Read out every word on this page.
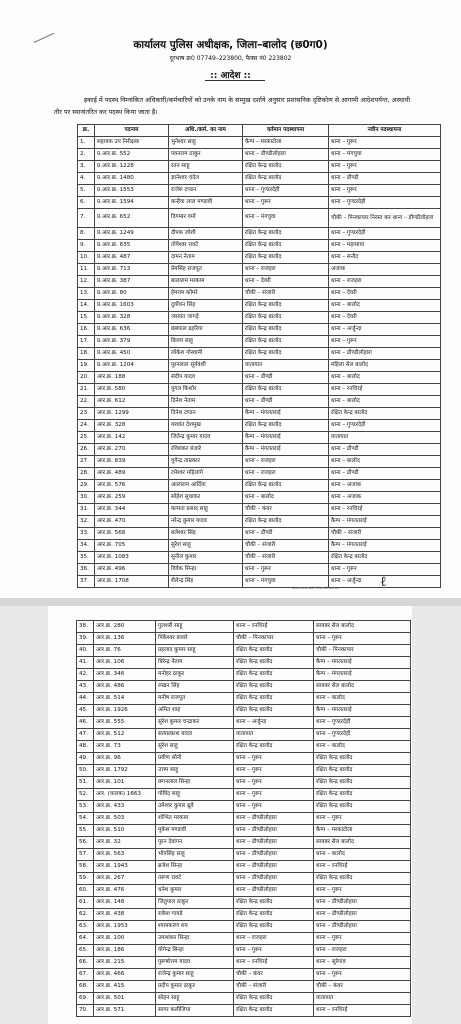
कार्यालय पुलिस अधीक्षक, जिला–बालोद (छ0ग0)
दूरभाष क्र0 07749–223800, फैक्स नं0 223802
:: आदेश ::
इकाई में पदस्थ निम्नांकित अधिकारी/कर्मचारियों को उनके नाम के सम्मुख दर्शाये अनुसार प्रशासनिक दृष्टिकोण से आगामी आदेशपर्यन्त, अस्थायी तौर पर स्थानांतरित कर पदस्थ किया जाता है।
क्र.	पदनाम	अधि./कर्म. का नाम	वर्तमान पदस्थापना	नवीन पदस्थापना
1.	सहायक उप निरीक्षक	भुनेश्वर साहू	कैम्प – मरकाटोला	थाना – गुरूर
2.	प्र.आर.क्र. 552	पवनराम ठाकुर	थाना – डौण्डीलोहारा	थाना – मंगचुवा
3.	प्र.आर.क्र. 1228	रतन साहू	रक्षित केन्द्र बालोद	थाना – गुरूर
4.	प्र.आर.क्र. 1480	ज्ञानेश्वर चंदेल	रक्षित केन्द्र बालोद	थाना – डौण्डी
5.	प्र.आर.क्र. 1553	राजेश टण्डन	थाना – गुण्डरदेही	थाना – गुरूर
6.	प्र.आर.क्र. 1594	कन्हैया लाल मण्डावी	थाना – गुरूर	थाना – गुण्डरदेही
7.	प्र.आर.क्र. 652	दिगम्बर वर्मा	थाना – मंगचुवा	चौकी – पिनकापार निरस्त कर थाना – डौण्डीलोहारा
8.	प्र.आर.क्र. 1249	दीपक जोशी	रक्षित केन्द्र बालोद	थाना – गुण्डरदेही
9.	प्र.आर.क्र. 635	तोपेश्वर रावटे	रक्षित केन्द्र बालोद	थाना – महामाया
10.	प्र.आर.क्र. 487	दामन नेताम	रक्षित केन्द्र बालोद	थाना – सनौद
11.	प्र.आर.क्र. 713	प्रेमसिंह राजपूत	थाना – राजहरा	अजाक
12.	प्र.आर.क्र. 387	बालाराम मरकाम	थाना – देवरी	थाना – राजहरा
13.	प्र.आर.क्र. 80	हेमराम कोमरे	चौकी – संजारी	थाना – देवरी
14.	प्र.आर.क्र. 1603	दुर्योधन सिंह	रक्षित केन्द्र बालोद	थाना – बालोद
15.	प्र.आर.क्र. 328	जसवंत जांगड़े	रक्षित केन्द्र बालोद	थाना – देवरी
16.	प्र.आर.क्र. 636	छबपाल डहरिया	रक्षित केन्द्र बालोद	थाना – अर्जुन्दा
17.	प्र.आर.क्र. 379	बिजय साहू	रक्षित केन्द्र बालोद	थाना – गुरूर
18.	प्र.आर.क्र. 450	लोकेश गोस्वामी	रक्षित केन्द्र बालोद	थाना – डौण्डीलोहारा
19.	प्र.आर.क्र. 1204	पूरनलाल सूर्यवंशी	यातायात	महिला सेल बालोद
20.	आर.क्र. 188	संदीप यादव	थाना – डौण्डी	थाना – बालोद
21.	आर.क्र. 580	युगल किशोर	रक्षित केन्द्र बालोद	थाना – रनचिरई
22.	आर.क्र. 612	दिनेश नेताम	थाना – डौण्डी	थाना – बालोद
23.	आर.क्र. 1299	दिनेश टण्डन	कैम्प – मंगलतराई	रक्षित केन्द्र बालोद
24.	आर.क्र. 328	यशवंत देशमुख	रक्षित केन्द्र बालोद	थाना – गुण्डरदेही
25.	आर.क्र. 142	जितेन्द्र कुमार यादव	कैम्प – मंगलतराई	यातायात
26.	आर.क्र. 270	रविशंकर बंजारे	कैम्प – मंगलतराई	थाना – डौण्डी
27.	आर.क्र. 839	युगेन्द्र ताम्रकार	थाना – राजहरा	थाना – बालोद
28.	आर.क्र. 489	टमेश्वर महिलांगे	थाना – राजहरा	थाना – डौण्डी
29.	आर.क्र. 576	आलाराम आर्दिया	रक्षित केन्द्र बालोद	थाना – अजाक
30.	आर.क्र. 259	सोहेश सुधाकर	थाना – बालोद	थाना – अजाक
31.	आर.क्र. 344	कामता प्रसाद साहू	चौकी – कंवर	थाना – रनचिरई
32.	आर.क्र. 470	नरेन्द्र कुमार यादव	रक्षित केन्द्र बालोद	कैम्प – मंगलतराई
33.	आर.क्र. 568	बलेश्वर सिंह	थाना – डौण्डी	चौकी – संजारी
34.	आर.क्र. 705	सुरेश साहू	चौकी – संजारी	कैम्प – मंगलतराई
35.	आर.क्र. 1083	सुनील कुमार	चौकी – संजारी	रक्षित केन्द्र बालोद
36.	आर.क्र. 496	विवेक सिन्हा	थाना – गुरूर	थाना – गुरूर
37.	आर.क्र. 1708	शैलेन्द्र सिंह	थाना – मंगचुवा	थाना – अर्जुन्दा ℓ
Scanned with CamScanner
38.	आर.क्र. 280	गुलशरी साहू	थाना – रनचिरई	सायबर सेल बालोद
39.	आर.क्र. 136	पिंकेश्वर बंजारे	चौकी – पिनकापार	थाना – गुरूर
40.	आर.क्र. 76	प्रहलाद कुमार साहू	रक्षित केन्द्र बालोद	चौकी – पिनकापार
41.	आर.क्र. 106	बिरेन्द्र नेताम	रक्षित केन्द्र बालोद	कैम्प – मंगलतराई
42.	आर.क्र. 346	मनोहर ठाकुर	रक्षित केन्द्र बालोद	कैम्प – मंगलतराई
43.	आर.क्र. 486	लखन सिंह	रक्षित केन्द्र बालोद	सायबर सेल बालोद
44.	आर.क्र. 514	मनीष राजपूत	रक्षित केन्द्र बालोद	थाना – बालोद
45.	आर.क्र. 1926	अमित शाह	रक्षित केन्द्र बालोद	कैम्प – मंगलतराई
46.	आर.क्र. 555	सुरेश कुमार चन्द्राकर	थाना – अर्जुन्दा	थाना – गुण्डरदेही
47.	आर.क्र. 512	सत्यप्रकाश यादव	यातायात	थाना – गुण्डरदेही
48.	आर.क्र. 73	सुरेश साहू	रक्षित केन्द्र बालोद	थाना – बालोद
49.	आर.क्र. 96	प्रवीण सोनी	थाना – गुरूर	रक्षित केन्द्र बालोद
50.	आर.क्र. 1792	उत्तम साहू	थाना – गुरूर	रक्षित केन्द्र बालोद
51.	आर.क्र. 101	छगनलाल सिन्हा	थाना – गुरूर	रक्षित केन्द्र बालोद
52.	आर. (चालक) 1663	गोविंद साहू	थाना – गुरूर	रक्षित केन्द्र बालोद
53.	आर.क्र. 433	उमेश्वर कुमार ध्रुवे	थाना – गुरूर	रक्षित केन्द्र बालोद
54.	आर.क्र. 503	शोभित मरकाम	थाना – डौण्डीलोहारा	थाना – गुरूर
55.	आर.क्र. 510	मुकेश मण्डावी	थाना – डौण्डीलोहारा	कैम्प – मरकाटोला
56.	आर.क्र. 32	पूरन देवांगन	थाना – डौण्डीलोहारा	सायबर सेल बालोद
57.	आर.क्र. 563	भोपसिंह साहू	थाना – डौण्डीलोहारा	थाना – बालोद
58.	आर.क्र. 1943	ब्रजेश सिन्हा	थाना – डौण्डीलोहारा	थाना – रनचिरई
59.	आर.क्र. 267	तरूण रावटे	थाना – डौण्डीलोहारा	रक्षित केन्द्र बालोद
60.	आर.क्र. 476	धनेश कुमार	थाना – डौण्डीलोहारा	थाना – गुरूर
61.	आर.क्र. 148	जितुपाल ठाकुर	रक्षित केन्द्र बालोद	थाना – डौण्डीलोहारा
62.	आर.क्र. 438	राकेश गायडे	रक्षित केन्द्र बालोद	थाना – डौण्डीलोहारा
63.	आर.क्र. 1953	श्यामकरण राय	रक्षित केन्द्र बालोद	थाना – डौण्डीलोहारा
64.	आर.क्र. 100	उमाशंकर सिन्हा	थाना – राजहरा	थाना – गुरूर
65.	आर.क्र. 186	योगेन्द्र सिन्हा	थाना – गुरूर	थाना – राजहरा
66.	आर.क्र. 215	पुरूषोत्तम यादव	थाना – रनचिरई	थाना – सुरेगांव
67.	आर.क्र. 466	राजेन्द्र कुमार साहू	चौकी – कंवर	थाना – गुरूर
68.	आर.क्र. 415	प्रदीप कुमार ठाकुर	चौकी – संजारी	चौकी – कंवर
69.	आर.क्र. 501	सोहन साहू	रक्षित केन्द्र बालोद	यातायात
70.	आर.क्र. 571	सागर कलीजिया	रक्षित केन्द्र बालोद	थाना – रनचिरई
